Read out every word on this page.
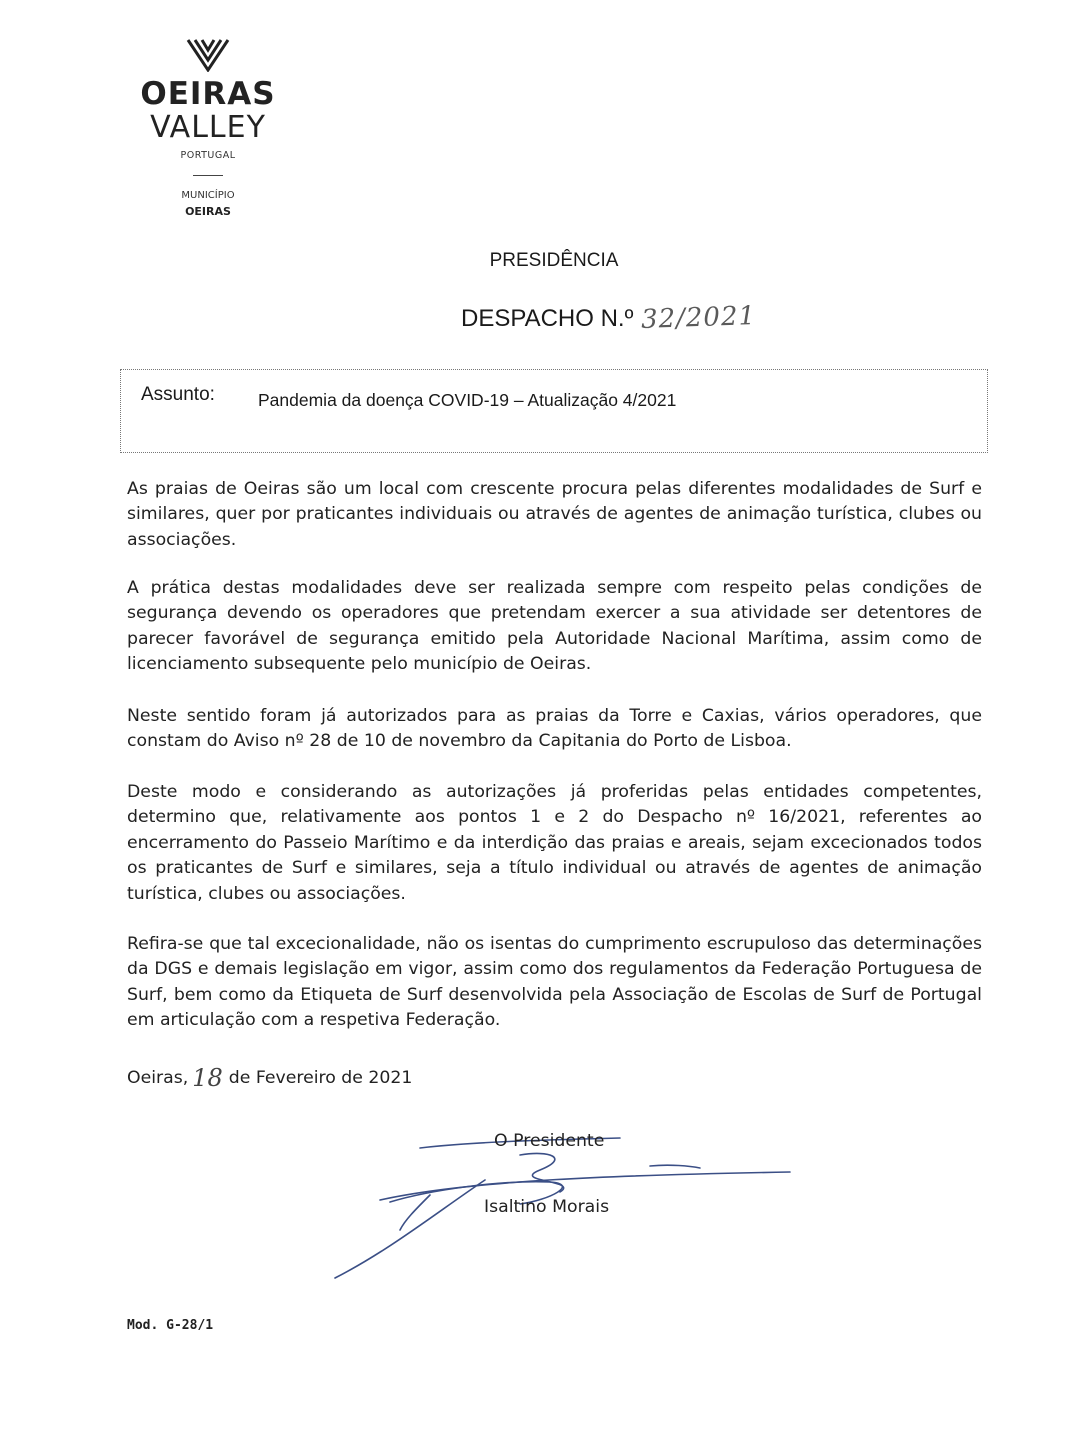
OEIRAS
VALLEY
PORTUGAL
MUNICÍPIO
OEIRAS
PRESIDÊNCIA
DESPACHO N.º 32/2021
Assunto: Pandemia da doença COVID-19 – Atualização 4/2021

As praias de Oeiras são um local com crescente procura pelas diferentes modalidades de Surf e similares, quer por praticantes individuais ou através de agentes de animação turística, clubes ou associações.

A prática destas modalidades deve ser realizada sempre com respeito pelas condições de segurança devendo os operadores que pretendam exercer a sua atividade ser detentores de parecer favorável de segurança emitido pela Autoridade Nacional Marítima, assim como de licenciamento subsequente pelo município de Oeiras.

Neste sentido foram já autorizados para as praias da Torre e Caxias, vários operadores, que constam do Aviso nº 28 de 10 de novembro da Capitania do Porto de Lisboa.

Deste modo e considerando as autorizações já proferidas pelas entidades competentes, determino que, relativamente aos pontos 1 e 2 do Despacho nº 16/2021, referentes ao encerramento do Passeio Marítimo e da interdição das praias e areais, sejam excecionados todos os praticantes de Surf e similares, seja a título individual ou através de agentes de animação turística, clubes ou associações.

Refira-se que tal excecionalidade, não os isentas do cumprimento escrupuloso das determinações da DGS e demais legislação em vigor, assim como dos regulamentos da Federação Portuguesa de Surf, bem como da Etiqueta de Surf desenvolvida pela Associação de Escolas de Surf de Portugal em articulação com a respetiva Federação.

Oeiras, 18 de Fevereiro de 2021
O Presidente
Isaltino Morais
Mod. G-28/1
